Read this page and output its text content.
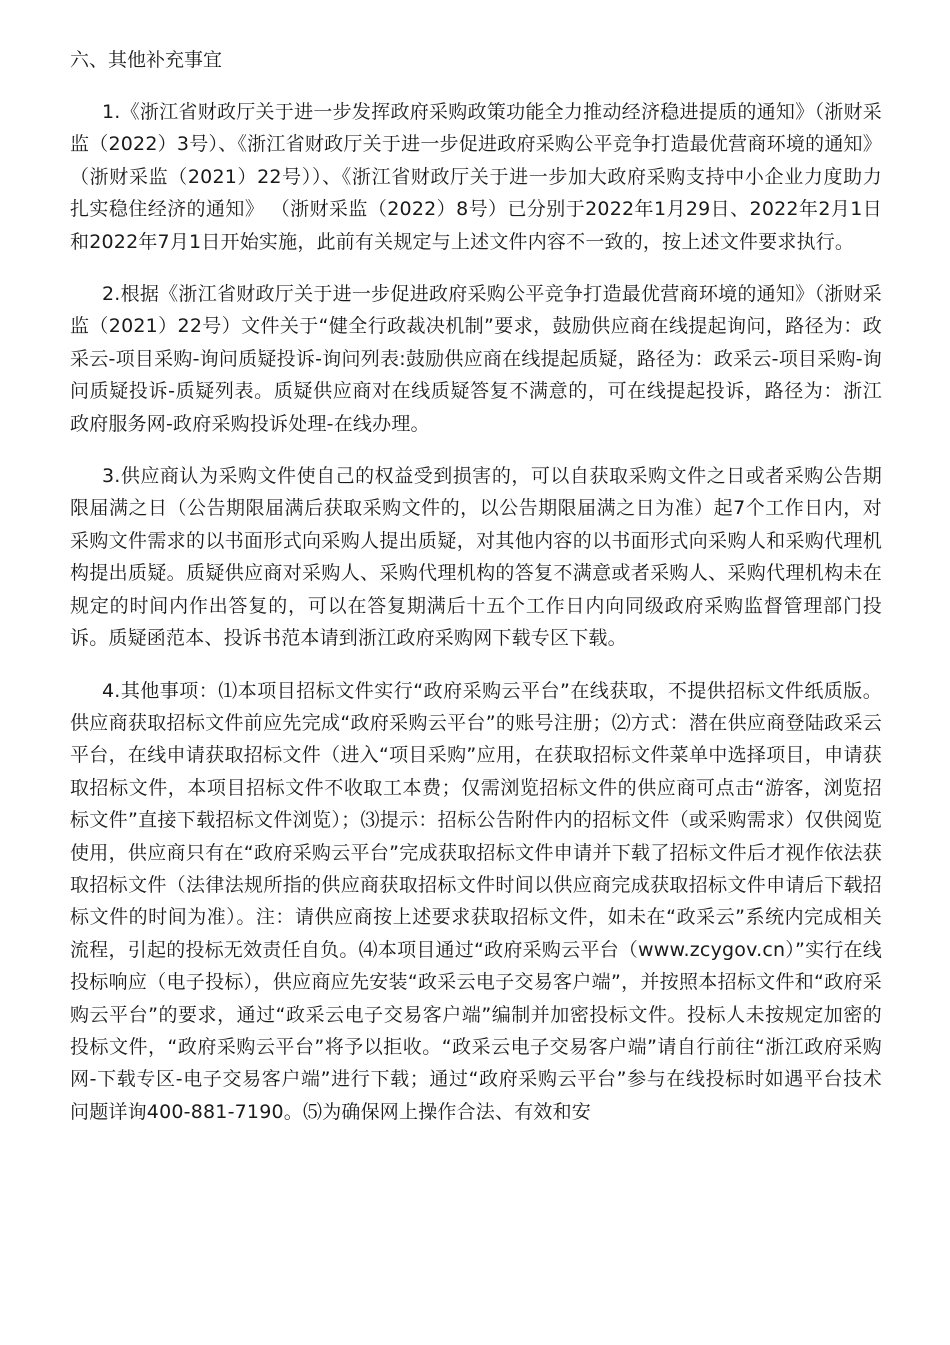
六、其他补充事宜

1.《浙江省财政厅关于进一步发挥政府采购政策功能全力推动经济稳进提质的通知》（浙财采监（2022）3号）、《浙江省财政厅关于进一步促进政府采购公平竞争打造最优营商环境的通知》（浙财采监（2021）22号））、《浙江省财政厅关于进一步加大政府采购支持中小企业力度助力扎实稳住经济的通知》 （浙财采监（2022）8号）已分别于2022年1月29日、2022年2月1日和2022年7月1日开始实施，此前有关规定与上述文件内容不一致的，按上述文件要求执行。

2.根据《浙江省财政厅关于进一步促进政府采购公平竞争打造最优营商环境的通知》（浙财采监（2021）22号）文件关于“健全行政裁决机制”要求，鼓励供应商在线提起询问，路径为：政采云-项目采购-询问质疑投诉-询问列表:鼓励供应商在线提起质疑，路径为：政采云-项目采购-询问质疑投诉-质疑列表。质疑供应商对在线质疑答复不满意的，可在线提起投诉，路径为：浙江政府服务网-政府采购投诉处理-在线办理。

3.供应商认为采购文件使自己的权益受到损害的，可以自获取采购文件之日或者采购公告期限届满之日（公告期限届满后获取采购文件的，以公告期限届满之日为准）起7个工作日内，对采购文件需求的以书面形式向采购人提出质疑，对其他内容的以书面形式向采购人和采购代理机构提出质疑。质疑供应商对采购人、采购代理机构的答复不满意或者采购人、采购代理机构未在规定的时间内作出答复的，可以在答复期满后十五个工作日内向同级政府采购监督管理部门投诉。质疑函范本、投诉书范本请到浙江政府采购网下载专区下载。

4.其他事项：⑴本项目招标文件实行“政府采购云平台”在线获取，不提供招标文件纸质版。供应商获取招标文件前应先完成“政府采购云平台”的账号注册；⑵方式：潜在供应商登陆政采云平台，在线申请获取招标文件（进入“项目采购”应用，在获取招标文件菜单中选择项目，申请获取招标文件，本项目招标文件不收取工本费；仅需浏览招标文件的供应商可点击“游客，浏览招标文件”直接下载招标文件浏览）；⑶提示：招标公告附件内的招标文件（或采购需求）仅供阅览使用，供应商只有在“政府采购云平台”完成获取招标文件申请并下载了招标文件后才视作依法获取招标文件（法律法规所指的供应商获取招标文件时间以供应商完成获取招标文件申请后下载招标文件的时间为准）。注：请供应商按上述要求获取招标文件，如未在“政采云”系统内完成相关流程，引起的投标无效责任自负。⑷本项目通过“政府采购云平台（www.zcygov.cn）”实行在线投标响应（电子投标），供应商应先安装“政采云电子交易客户端”，并按照本招标文件和“政府采购云平台”的要求，通过“政采云电子交易客户端”编制并加密投标文件。投标人未按规定加密的投标文件，“政府采购云平台”将予以拒收。“政采云电子交易客户端”请自行前往“浙江政府采购网-下载专区-电子交易客户端”进行下载；通过“政府采购云平台”参与在线投标时如遇平台技术问题详询400-881-7190。⑸为确保网上操作合法、有效和安
